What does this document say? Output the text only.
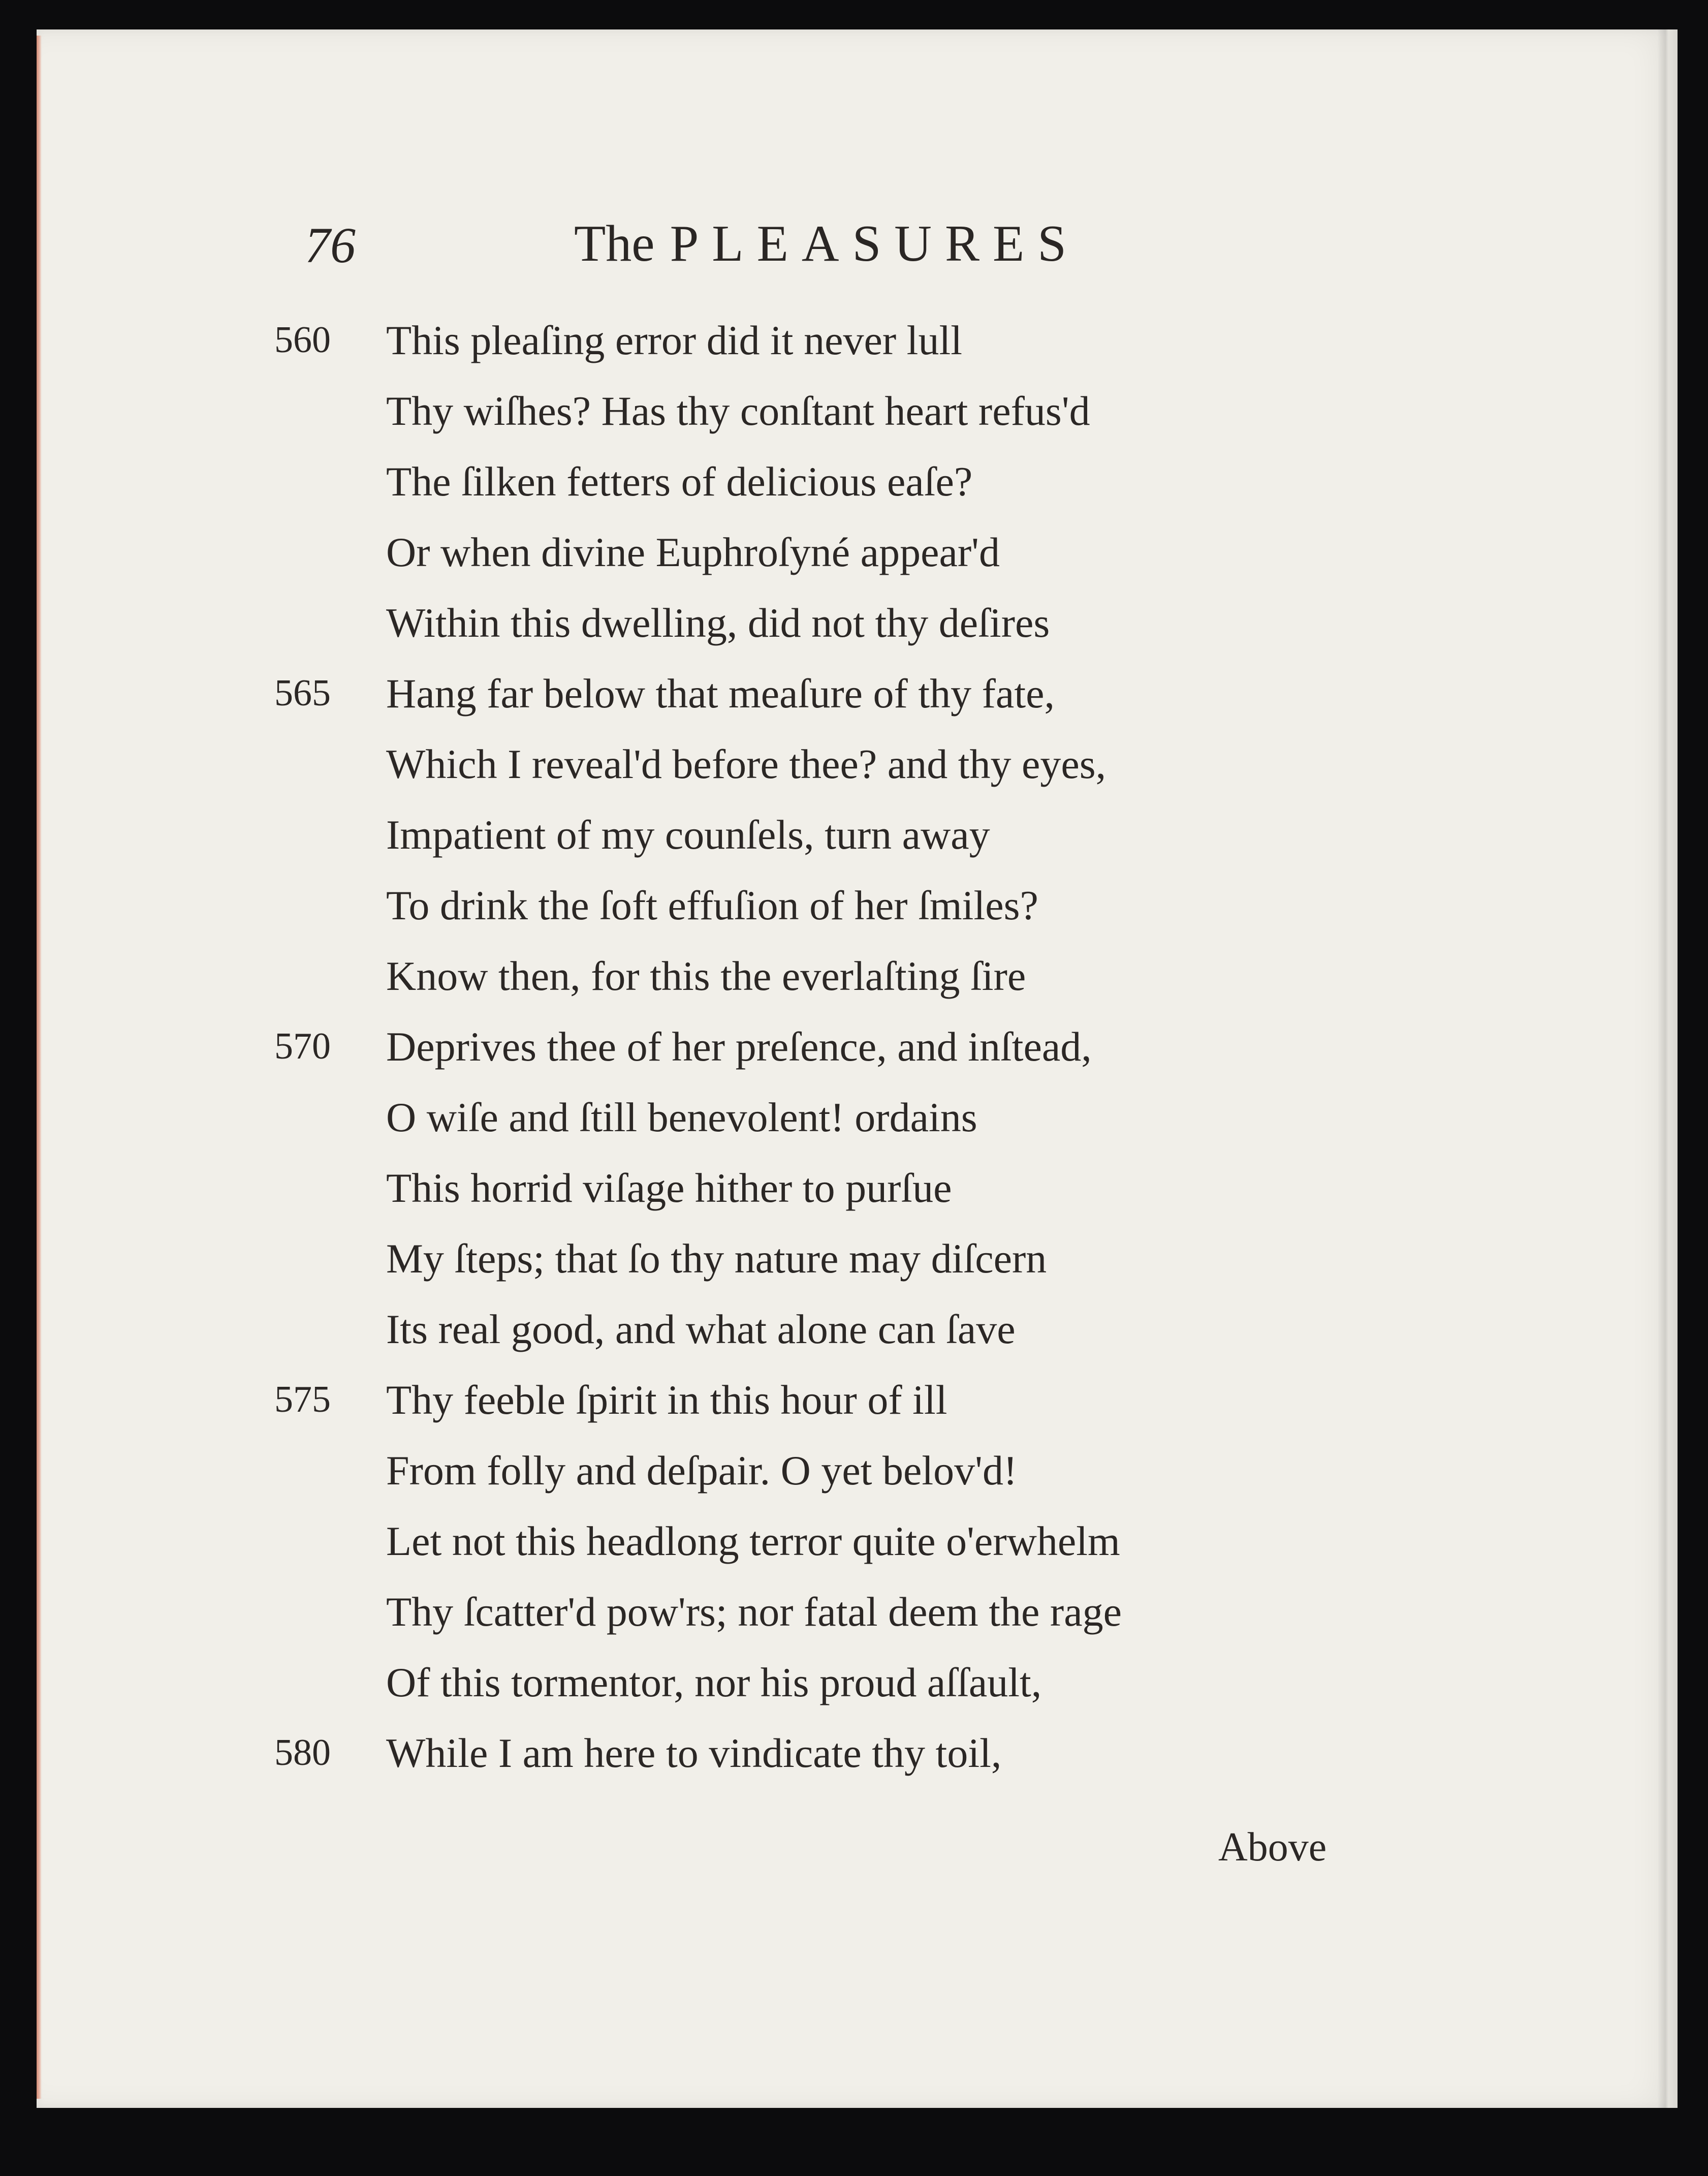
76	The PLEASURES
560	This pleaſing error did it never lull
Thy wiſhes? Has thy conſtant heart refus'd
The ſilken fetters of delicious eaſe?
Or when divine Euphroſyné appear'd
Within this dwelling, did not thy deſires
565	Hang far below that meaſure of thy fate,
Which I reveal'd before thee? and thy eyes,
Impatient of my counſels, turn away
To drink the ſoft effuſion of her ſmiles?
Know then, for this the everlaſting ſire
570	Deprives thee of her preſence, and inſtead,
O wiſe and ſtill benevolent! ordains
This horrid viſage hither to purſue
My ſteps; that ſo thy nature may diſcern
Its real good, and what alone can ſave
575	Thy feeble ſpirit in this hour of ill
From folly and deſpair. O yet belov'd!
Let not this headlong terror quite o'erwhelm
Thy ſcatter'd pow'rs; nor fatal deem the rage
Of this tormentor, nor his proud aſſault,
580	While I am here to vindicate thy toil,
Above
